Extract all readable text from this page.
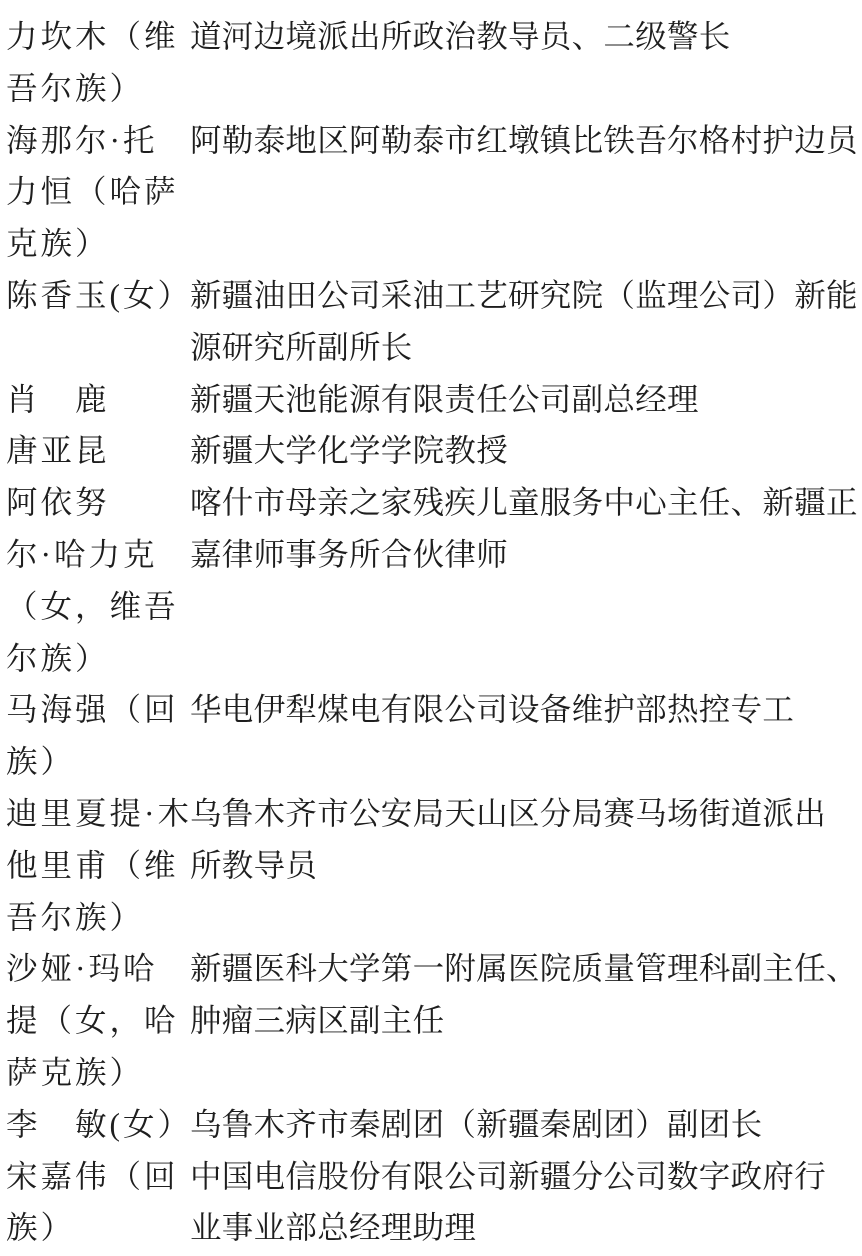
力坎木（维
吾尔族）
道河边境派出所政治教导员、二级警长
海那尔·托
力恒（哈萨
克族）
阿勒泰地区阿勒泰市红墩镇比铁吾尔格村护边员
陈香玉(女）
新疆油田公司采油工艺研究院（监理公司）新能
源研究所副所长
肖　鹿	新疆天池能源有限责任公司副总经理
唐亚昆	新疆大学化学学院教授
阿依努
尔·哈力克
（女，维吾
尔族）
喀什市母亲之家残疾儿童服务中心主任、新疆正
嘉律师事务所合伙律师
马海强（回
族）
华电伊犁煤电有限公司设备维护部热控专工
迪里夏提·木
他里甫（维
吾尔族）
乌鲁木齐市公安局天山区分局赛马场街道派出
所教导员
沙娅·玛哈
提（女，哈
萨克族）
新疆医科大学第一附属医院质量管理科副主任、
肿瘤三病区副主任
李　敏(女）
乌鲁木齐市秦剧团（新疆秦剧团）副团长
宋嘉伟（回
族）
中国电信股份有限公司新疆分公司数字政府行
业事业部总经理助理
